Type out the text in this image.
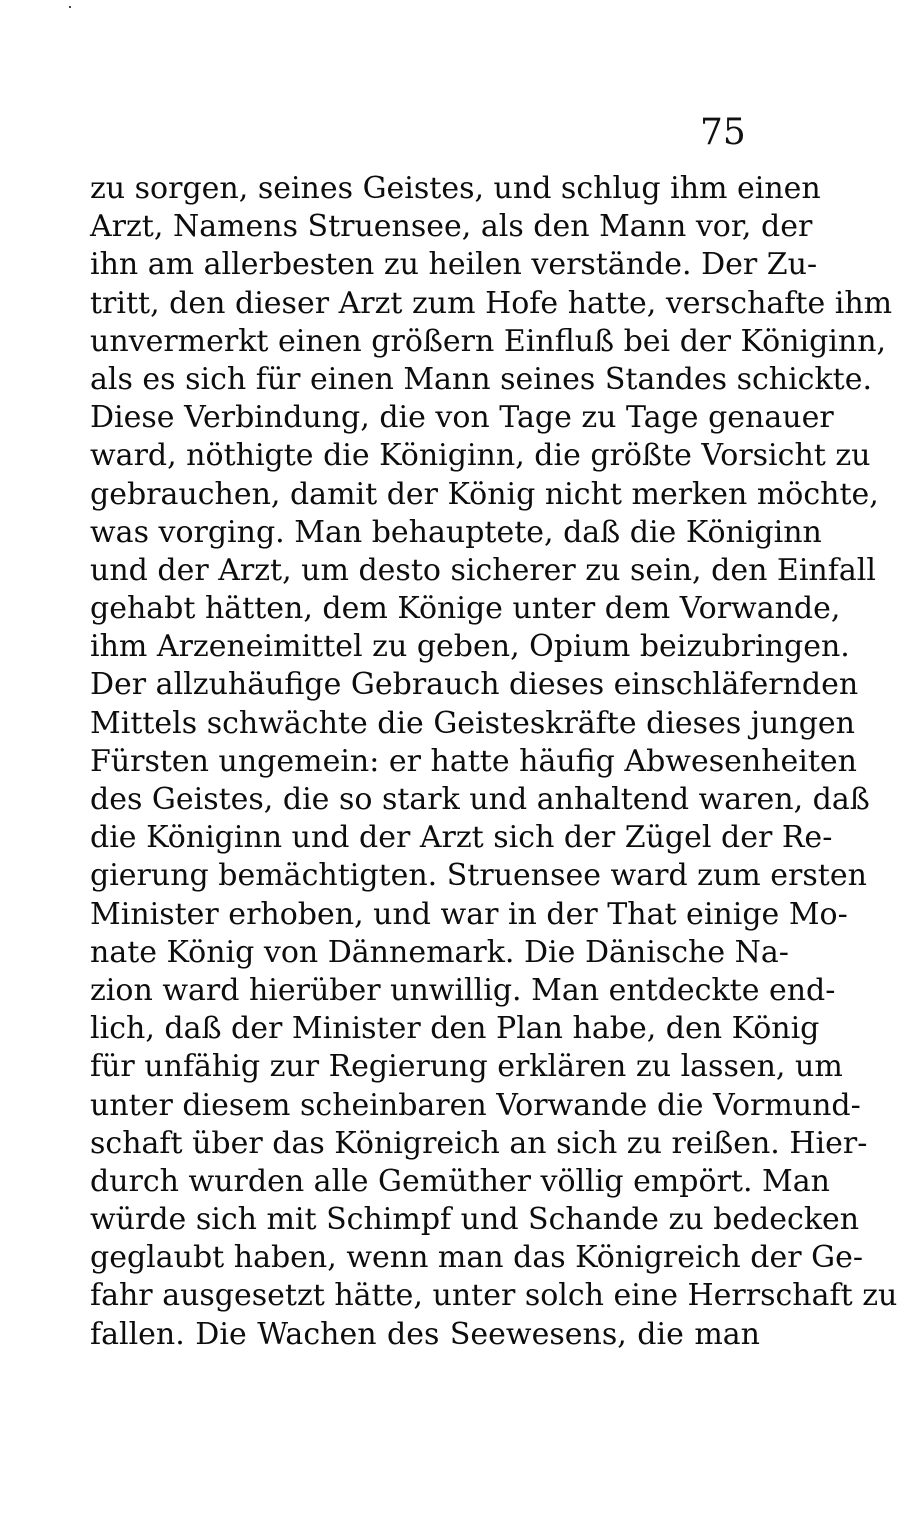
75
zu sorgen, seines Geistes, und schlug ihm einen
Arzt, Namens Struensee, als den Mann vor, der
ihn am allerbesten zu heilen verstände. Der Zu-
tritt, den dieser Arzt zum Hofe hatte, verschafte ihm
unvermerkt einen größern Einfluß bei der Königinn,
als es sich für einen Mann seines Standes schickte.
Diese Verbindung, die von Tage zu Tage genauer
ward, nöthigte die Königinn, die größte Vorsicht zu
gebrauchen, damit der König nicht merken möchte,
was vorging. Man behauptete, daß die Königinn
und der Arzt, um desto sicherer zu sein, den Einfall
gehabt hätten, dem Könige unter dem Vorwande,
ihm Arzeneimittel zu geben, Opium beizubringen.
Der allzuhäufige Gebrauch dieses einschläfernden
Mittels schwächte die Geisteskräfte dieses jungen
Fürsten ungemein: er hatte häufig Abwesenheiten
des Geistes, die so stark und anhaltend waren, daß
die Königinn und der Arzt sich der Zügel der Re-
gierung bemächtigten. Struensee ward zum ersten
Minister erhoben, und war in der That einige Mo-
nate König von Dännemark. Die Dänische Na-
zion ward hierüber unwillig. Man entdeckte end-
lich, daß der Minister den Plan habe, den König
für unfähig zur Regierung erklären zu lassen, um
unter diesem scheinbaren Vorwande die Vormund-
schaft über das Königreich an sich zu reißen. Hier-
durch wurden alle Gemüther völlig empört. Man
würde sich mit Schimpf und Schande zu bedecken
geglaubt haben, wenn man das Königreich der Ge-
fahr ausgesetzt hätte, unter solch eine Herrschaft zu
fallen. Die Wachen des Seewesens, die man
